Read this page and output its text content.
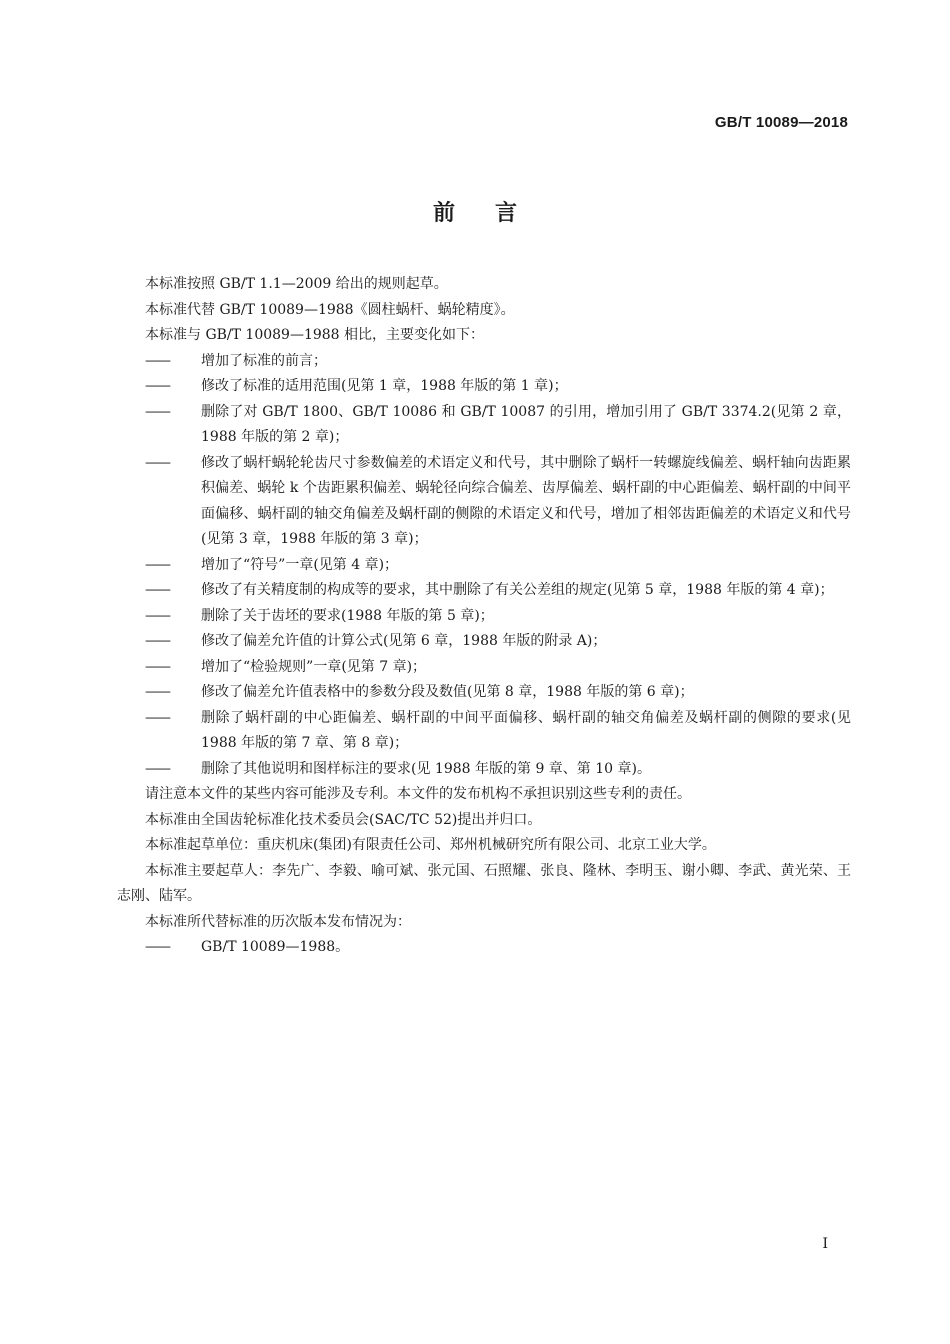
GB/T 10089—2018
前言

本标准按照 GB/T 1.1—2009 给出的规则起草。

本标准代替 GB/T 10089—1988《圆柱蜗杆、蜗轮精度》。

本标准与 GB/T 10089—1988 相比，主要变化如下：

——	增加了标准的前言；
——	修改了标准的适用范围(见第 1 章，1988 年版的第 1 章)；
——	删除了对 GB/T 1800、GB/T 10086 和 GB/T 10087 的引用，增加引用了 GB/T 3374.2(见第 2 章，1988 年版的第 2 章)；
——	修改了蜗杆蜗轮轮齿尺寸参数偏差的术语定义和代号，其中删除了蜗杆一转螺旋线偏差、蜗杆轴向齿距累积偏差、蜗轮 k 个齿距累积偏差、蜗轮径向综合偏差、齿厚偏差、蜗杆副的中心距偏差、蜗杆副的中间平面偏移、蜗杆副的轴交角偏差及蜗杆副的侧隙的术语定义和代号，增加了相邻齿距偏差的术语定义和代号(见第 3 章，1988 年版的第 3 章)；
——	增加了“符号”一章(见第 4 章)；
——	修改了有关精度制的构成等的要求，其中删除了有关公差组的规定(见第 5 章，1988 年版的第 4 章)；
——	删除了关于齿坯的要求(1988 年版的第 5 章)；
——	修改了偏差允许值的计算公式(见第 6 章，1988 年版的附录 A)；
——	增加了“检验规则”一章(见第 7 章)；
——	修改了偏差允许值表格中的参数分段及数值(见第 8 章，1988 年版的第 6 章)；
——	删除了蜗杆副的中心距偏差、蜗杆副的中间平面偏移、蜗杆副的轴交角偏差及蜗杆副的侧隙的要求(见 1988 年版的第 7 章、第 8 章)；
——	删除了其他说明和图样标注的要求(见 1988 年版的第 9 章、第 10 章)。

请注意本文件的某些内容可能涉及专利。本文件的发布机构不承担识别这些专利的责任。

本标准由全国齿轮标准化技术委员会(SAC/TC 52)提出并归口。

本标准起草单位：重庆机床(集团)有限责任公司、郑州机械研究所有限公司、北京工业大学。

本标准主要起草人：李先广、李毅、喻可斌、张元国、石照耀、张良、隆林、李明玉、谢小卿、李武、黄光荣、王志刚、陆军。

本标准所代替标准的历次版本发布情况为：

——	GB/T 10089—1988。
I
